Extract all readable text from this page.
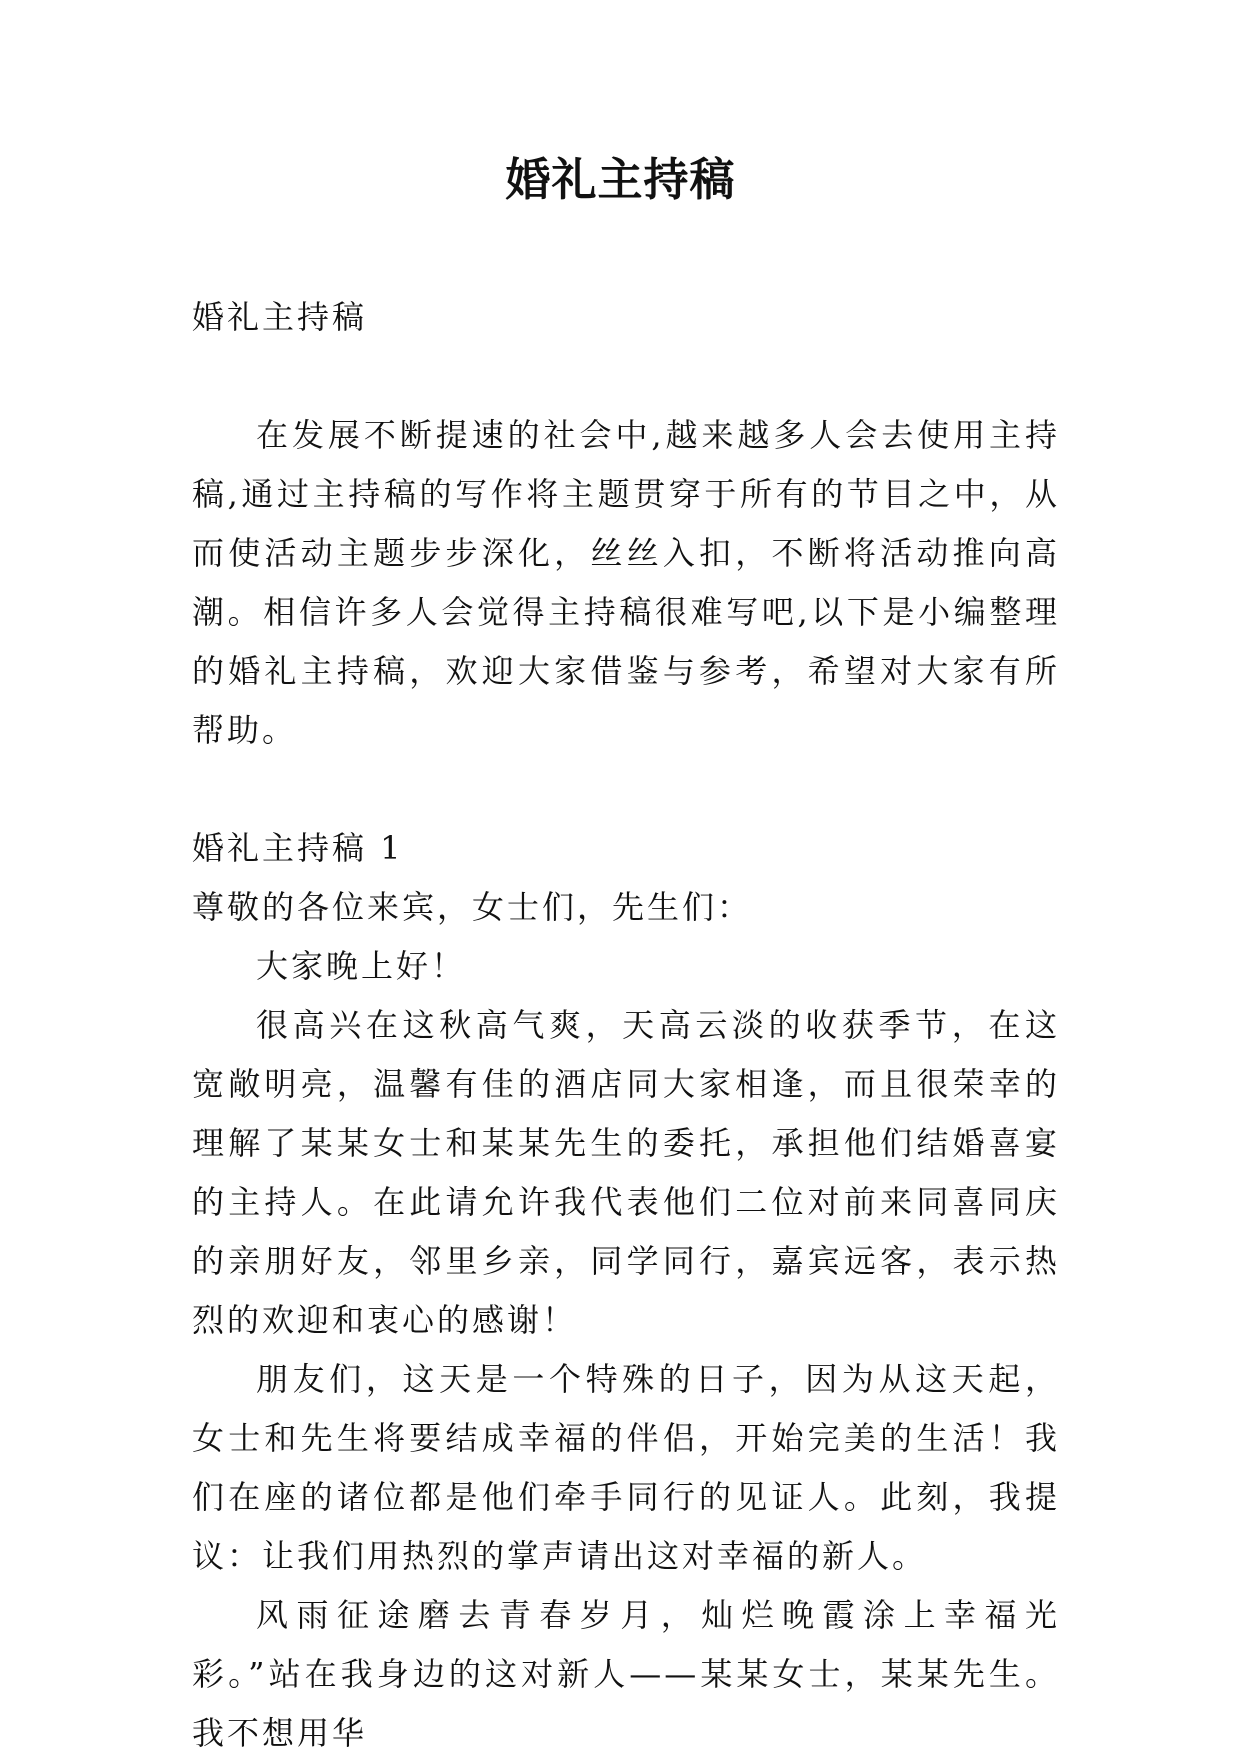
婚礼主持稿

婚礼主持稿

在发展不断提速的社会中,越来越多人会去使用主持稿,通过主持稿的写作将主题贯穿于所有的节目之中，从而使活动主题步步深化，丝丝入扣，不断将活动推向高潮。相信许多人会觉得主持稿很难写吧,以下是小编整理的婚礼主持稿，欢迎大家借鉴与参考，希望对大家有所帮助。

婚礼主持稿 1

尊敬的各位来宾，女士们，先生们：

大家晚上好！

很高兴在这秋高气爽，天高云淡的收获季节，在这宽敞明亮，温馨有佳的酒店同大家相逢，而且很荣幸的理解了某某女士和某某先生的委托，承担他们结婚喜宴的主持人。在此请允许我代表他们二位对前来同喜同庆的亲朋好友，邻里乡亲，同学同行，嘉宾远客，表示热烈的欢迎和衷心的感谢！

朋友们，这天是一个特殊的日子，因为从这天起，女士和先生将要结成幸福的伴侣，开始完美的生活！我们在座的诸位都是他们牵手同行的见证人。此刻，我提议：让我们用热烈的掌声请出这对幸福的新人。

风雨征途磨去青春岁月，灿烂晚霞涂上幸福光彩。”站在我身边的这对新人——某某女士，某某先生。我不想用华
